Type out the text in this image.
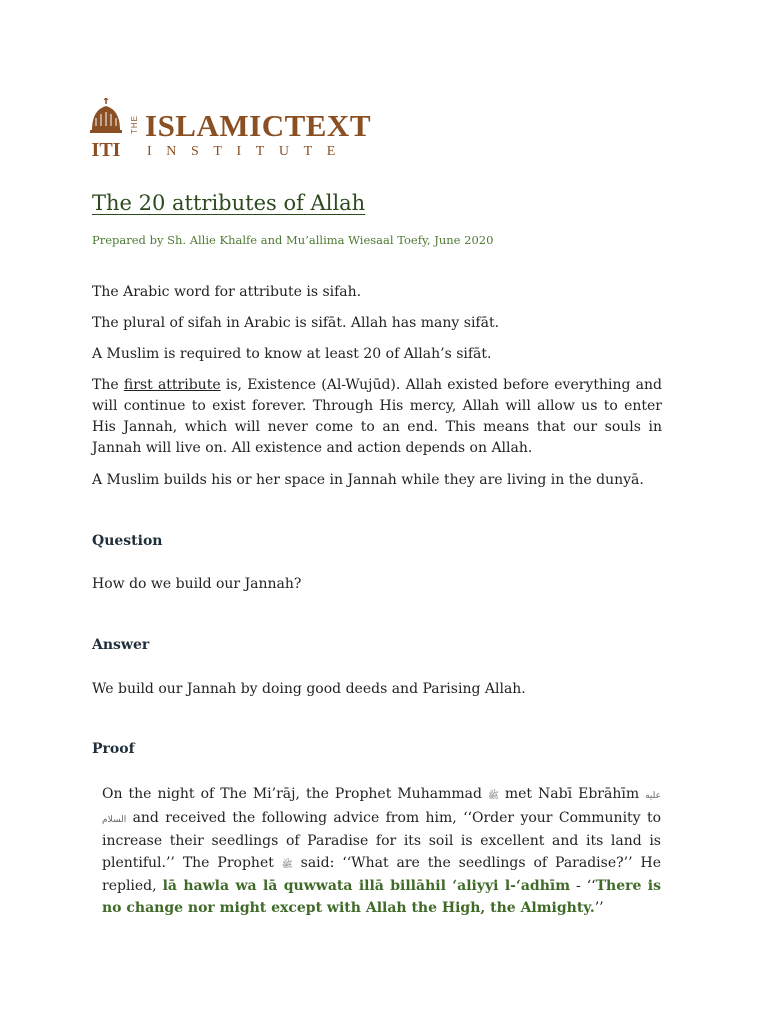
ITI
THE ISLAMICTEXT
INSTITUTE
The 20 attributes of Allah
Prepared by Sh. Allie Khalfe and Mu’allima Wiesaal Toefy, June 2020
The Arabic word for attribute is sifah.
The plural of sifah in Arabic is sifāt. Allah has many sifāt.
A Muslim is required to know at least 20 of Allah’s sifāt.
The first attribute is, Existence (Al-Wujūd). Allah existed before everything and will continue to exist forever. Through His mercy, Allah will allow us to enter His Jannah, which will never come to an end. This means that our souls in Jannah will live on. All existence and action depends on Allah.
A Muslim builds his or her space in Jannah while they are living in the dunyā.
Question
How do we build our Jannah?
Answer
We build our Jannah by doing good deeds and Parising Allah.
Proof
On the night of The Mi’rāj, the Prophet Muhammad ﷺ met Nabī Ebrāhīm عليه السلام and received the following advice from him, ‘‘Order your Community to increase their seedlings of Paradise for its soil is excellent and its land is plentiful.’’ The Prophet ﷺ said: ‘‘What are the seedlings of Paradise?’’ He replied, lā hawla wa lā quwwata illā billāhil ‘aliyyi l-‘adhīm - ‘‘There is no change nor might except with Allah the High, the Almighty.’’
